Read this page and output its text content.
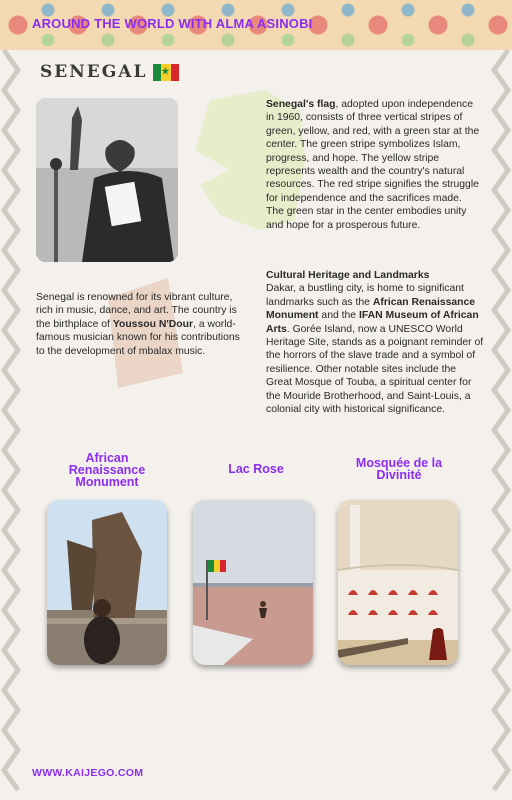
AROUND THE WORLD WITH ALMA ASINOBI
SENEGAL ★

Senegal's flag, adopted upon independence in 1960, consists of three vertical stripes of green, yellow, and red, with a green star at the center. The green stripe symbolizes Islam, progress, and hope. The yellow stripe represents wealth and the country's natural resources. The red stripe signifies the struggle for independence and the sacrifices made. The green star in the center embodies unity and hope for a prosperous future.

Senegal is renowned for its vibrant culture, rich in music, dance, and art. The country is the birthplace of Youssou N'Dour, a world-famous musician known for his contributions to the development of mbalax music.

Cultural Heritage and Landmarks
Dakar, a bustling city, is home to significant landmarks such as the African Renaissance Monument and the IFAN Museum of African Arts. Gorée Island, now a UNESCO World Heritage Site, stands as a poignant reminder of the horrors of the slave trade and a symbol of resilience. Other notable sites include the Great Mosque of Touba, a spiritual center for the Mouride Brotherhood, and Saint-Louis, a colonial city with historical significance.

African Renaissance Monument
Lac Rose	Mosquée de la Divinité

WWW.KAIJEGO.COM
